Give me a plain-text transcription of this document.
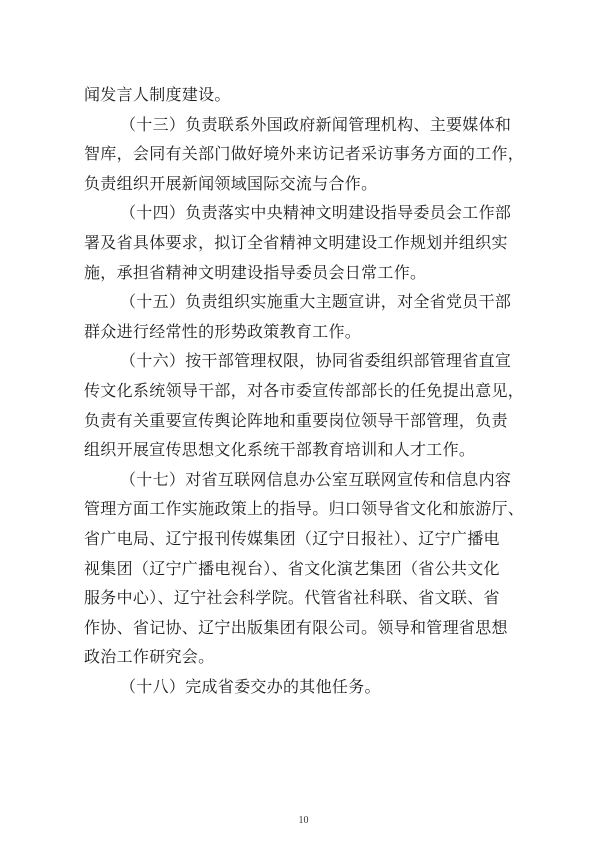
闻发言人制度建设。
（十三）负责联系外国政府新闻管理机构、主要媒体和
智库，会同有关部门做好境外来访记者采访事务方面的工作，
负责组织开展新闻领域国际交流与合作。
（十四）负责落实中央精神文明建设指导委员会工作部
署及省具体要求，拟订全省精神文明建设工作规划并组织实
施，承担省精神文明建设指导委员会日常工作。
（十五）负责组织实施重大主题宣讲，对全省党员干部
群众进行经常性的形势政策教育工作。
（十六）按干部管理权限，协同省委组织部管理省直宣
传文化系统领导干部，对各市委宣传部部长的任免提出意见，
负责有关重要宣传舆论阵地和重要岗位领导干部管理，负责
组织开展宣传思想文化系统干部教育培训和人才工作。
（十七）对省互联网信息办公室互联网宣传和信息内容
管理方面工作实施政策上的指导。归口领导省文化和旅游厅、
省广电局、辽宁报刊传媒集团（辽宁日报社）、辽宁广播电
视集团（辽宁广播电视台）、省文化演艺集团（省公共文化
服务中心）、辽宁社会科学院。代管省社科联、省文联、省
作协、省记协、辽宁出版集团有限公司。领导和管理省思想
政治工作研究会。
（十八）完成省委交办的其他任务。
10
